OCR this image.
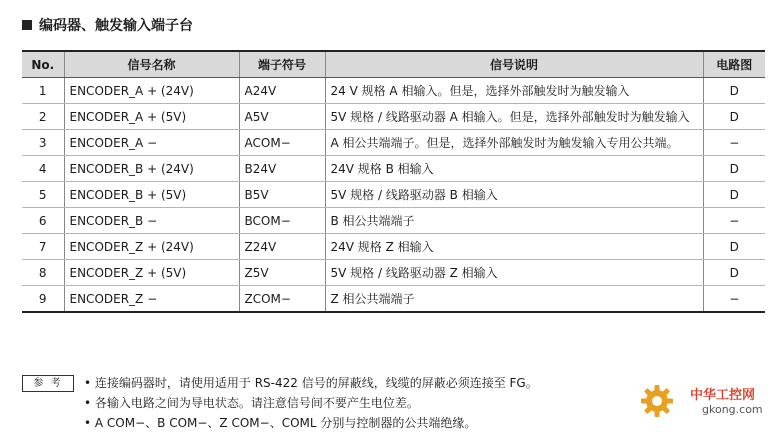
编码器、触发输入端子台
No.	信号名称	端子符号	信号说明	电路图
1	ENCODER_A + (24V)	A24V	24 V 规格 A 相输入。但是，选择外部触发时为触发输入	D
2	ENCODER_A + (5V)	A5V	5V 规格 / 线路驱动器 A 相输入。但是，选择外部触发时为触发输入	D
3	ENCODER_A −	ACOM−	A 相公共端端子。但是，选择外部触发时为触发输入专用公共端。	−
4	ENCODER_B + (24V)	B24V	24V 规格 B 相输入	D
5	ENCODER_B + (5V)	B5V	5V 规格 / 线路驱动器 B 相输入	D
6	ENCODER_B −	BCOM−	B 相公共端端子	−
7	ENCODER_Z + (24V)	Z24V	24V 规格 Z 相输入	D
8	ENCODER_Z + (5V)	Z5V	5V 规格 / 线路驱动器 Z 相输入	D
9	ENCODER_Z −	ZCOM−	Z 相公共端端子	−
参 考	• 连接编码器时，请使用适用于 RS-422 信号的屏蔽线，线缆的屏蔽必须连接至 FG。
• 各输入电路之间为导电状态。请注意信号间不要产生电位差。
• A COM−、B COM−、Z COM−、COML 分别与控制器的公共端绝缘。
中华工控网
gkong.com
